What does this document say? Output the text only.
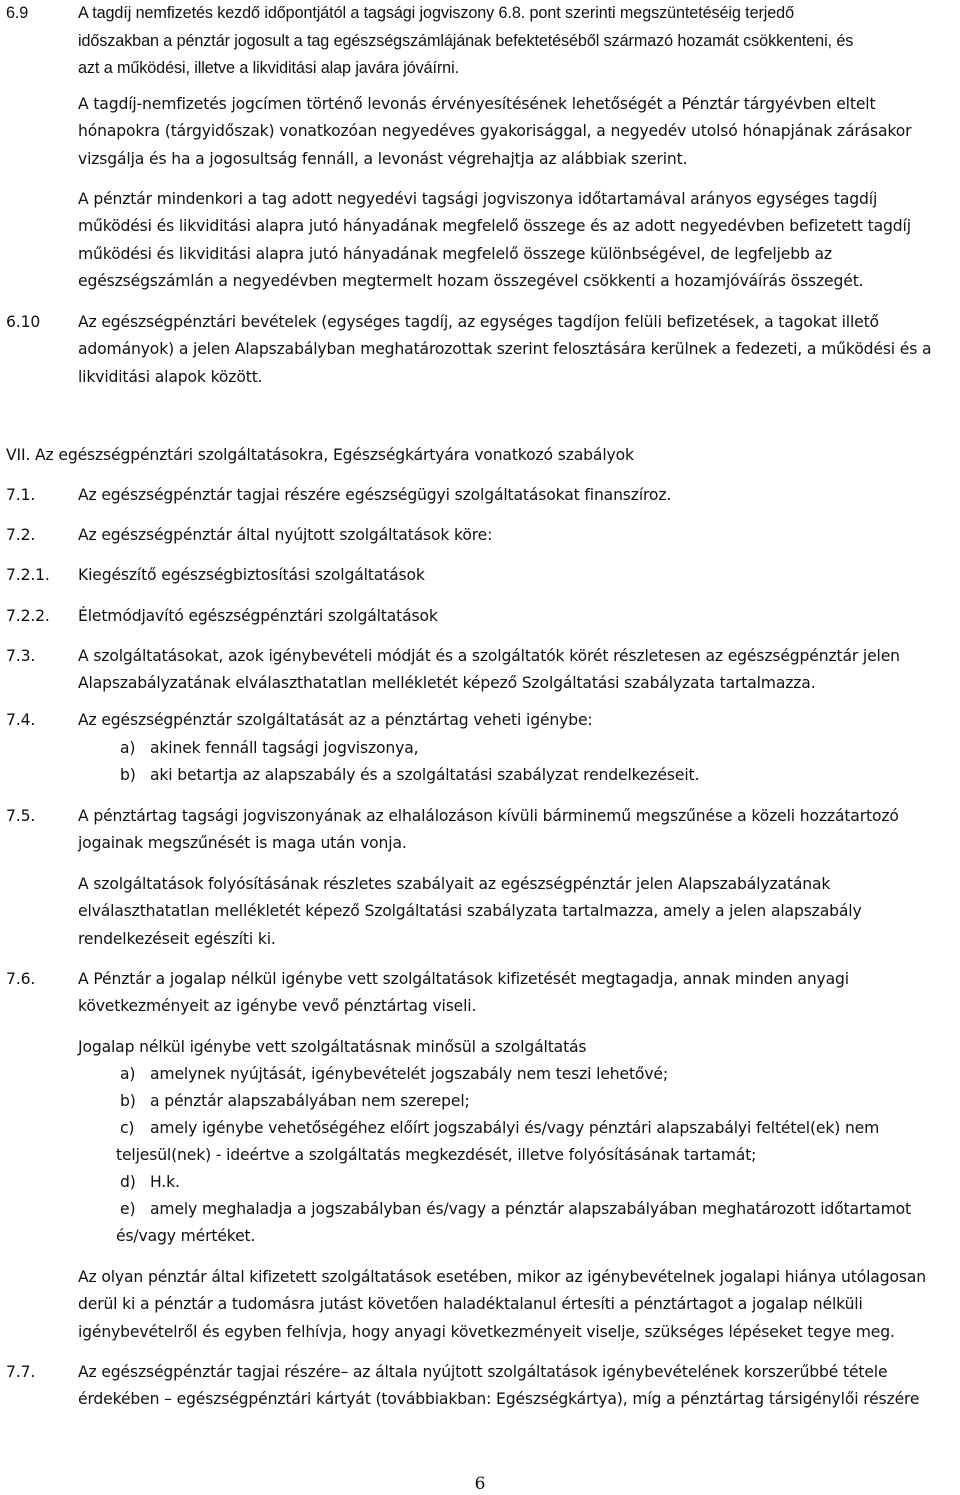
6.9	A tagdíj nemfizetés kezdő időpontjától a tagsági jogviszony 6.8. pont szerinti megszüntetéséig terjedő

időszakban a pénztár jogosult a tag egészségszámlájának befektetéséből származó hozamát csökkenteni, és

azt a működési, illetve a likviditási alap javára jóváírni.

A tagdíj-nemfizetés jogcímen történő levonás érvényesítésének lehetőségét a Pénztár tárgyévben eltelt

hónapokra (tárgyidőszak) vonatkozóan negyedéves gyakorisággal, a negyedév utolsó hónapjának zárásakor

vizsgálja és ha a jogosultság fennáll, a levonást végrehajtja az alábbiak szerint.

A pénztár mindenkori a tag adott negyedévi tagsági jogviszonya időtartamával arányos egységes tagdíj

működési és likviditási alapra jutó hányadának megfelelő összege és az adott negyedévben befizetett tagdíj

működési és likviditási alapra jutó hányadának megfelelő összege különbségével, de legfeljebb az

egészségszámlán a negyedévben megtermelt hozam összegével csökkenti a hozamjóváírás összegét.

6.10 Az egészségpénztári bevételek (egységes tagdíj, az egységes tagdíjon felüli befizetések, a tagokat illető

adományok) a jelen Alapszabályban meghatározottak szerint felosztására kerülnek a fedezeti, a működési és a

likviditási alapok között.

VII. Az egészségpénztári szolgáltatásokra, Egészségkártyára vonatkozó szabályok
7.1.	Az egészségpénztár tagjai részére egészségügyi szolgáltatásokat finanszíroz.
7.2.	Az egészségpénztár által nyújtott szolgáltatások köre:
7.2.1. Kiegészítő egészségbiztosítási szolgáltatások
7.2.2. Életmódjavító egészségpénztári szolgáltatások
7.3.	A szolgáltatásokat, azok igénybevételi módját és a szolgáltatók körét részletesen az egészségpénztár jelen

Alapszabályzatának elválaszthatatlan mellékletét képező Szolgáltatási szabályzata tartalmazza.

7.4.	Az egészségpénztár szolgáltatását az a pénztártag veheti igénybe:
a) akinek fennáll tagsági jogviszonya,
b) aki betartja az alapszabály és a szolgáltatási szabályzat rendelkezéseit.
7.5.	A pénztártag tagsági jogviszonyának az elhalálozáson kívüli bárminemű megszűnése a közeli hozzátartozó

jogainak megszűnését is maga után vonja.

A szolgáltatások folyósításának részletes szabályait az egészségpénztár jelen Alapszabályzatának

elválaszthatatlan mellékletét képező Szolgáltatási szabályzata tartalmazza, amely a jelen alapszabály

rendelkezéseit egészíti ki.

7.6.	A Pénztár a jogalap nélkül igénybe vett szolgáltatások kifizetését megtagadja, annak minden anyagi

következményeit az igénybe vevő pénztártag viseli.

Jogalap nélkül igénybe vett szolgáltatásnak minősül a szolgáltatás
a) amelynek nyújtását, igénybevételét jogszabály nem teszi lehetővé;
b) a pénztár alapszabályában nem szerepel;
c) amely igénybe vehetőségéhez előírt jogszabályi és/vagy pénztári alapszabályi feltétel(ek) nem
teljesül(nek) - ideértve a szolgáltatás megkezdését, illetve folyósításának tartamát;
d) H.k.
e) amely meghaladja a jogszabályban és/vagy a pénztár alapszabályában meghatározott időtartamot
és/vagy mértéket.

Az olyan pénztár által kifizetett szolgáltatások esetében, mikor az igénybevételnek jogalapi hiánya utólagosan

derül ki a pénztár a tudomásra jutást követően haladéktalanul értesíti a pénztártagot a jogalap nélküli

igénybevételről és egyben felhívja, hogy anyagi következményeit viselje, szükséges lépéseket tegye meg.

7.7.	Az egészségpénztár tagjai részére– az általa nyújtott szolgáltatások igénybevételének korszerűbbé tétele

érdekében – egészségpénztári kártyát (továbbiakban: Egészségkártya), míg a pénztártag társigénylői részére

6
